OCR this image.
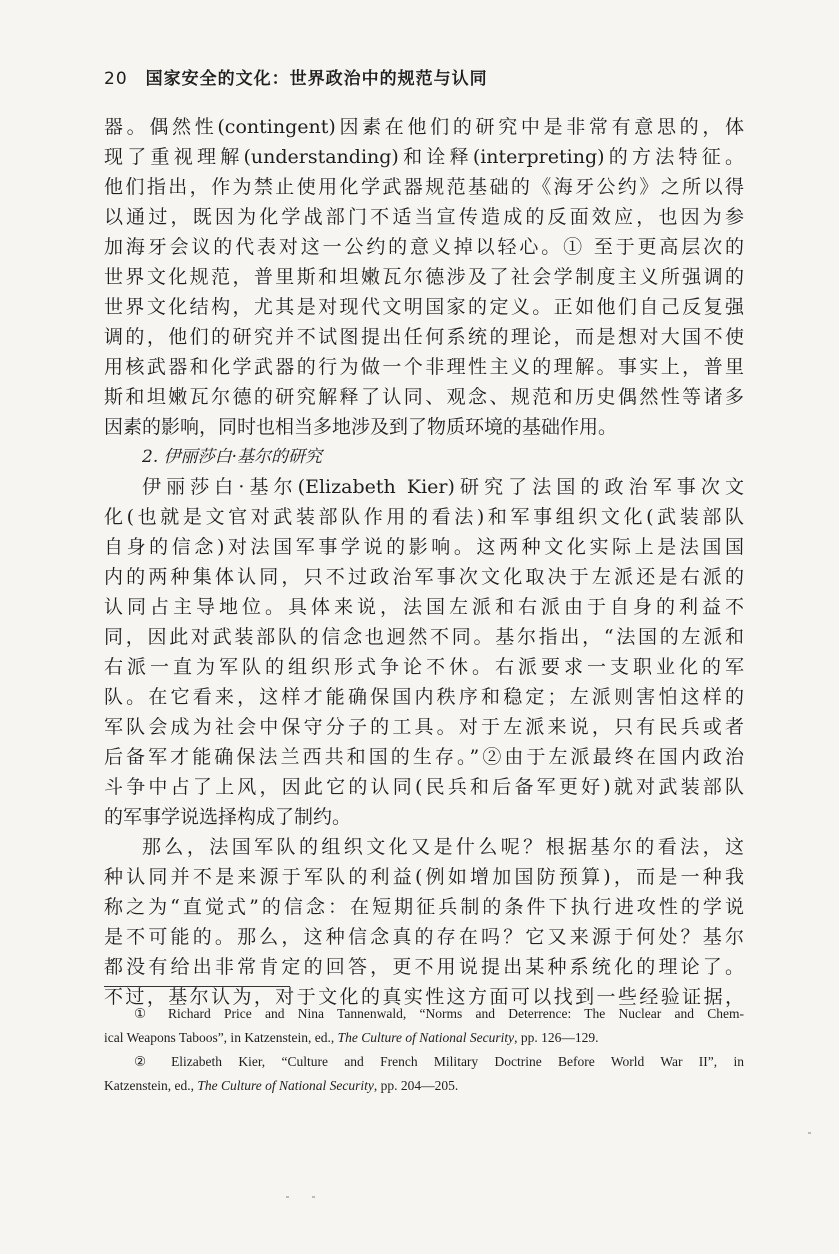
20 国家安全的文化：世界政治中的规范与认同
器。偶然性(contingent)因素在他们的研究中是非常有意思的，体
现了重视理解(understanding)和诠释(interpreting)的方法特征。
他们指出，作为禁止使用化学武器规范基础的《海牙公约》之所以得
以通过，既因为化学战部门不适当宣传造成的反面效应，也因为参
加海牙会议的代表对这一公约的意义掉以轻心。① 至于更高层次的
世界文化规范，普里斯和坦嫩瓦尔德涉及了社会学制度主义所强调的
世界文化结构，尤其是对现代文明国家的定义。正如他们自己反复强
调的，他们的研究并不试图提出任何系统的理论，而是想对大国不使
用核武器和化学武器的行为做一个非理性主义的理解。事实上，普里
斯和坦嫩瓦尔德的研究解释了认同、观念、规范和历史偶然性等诸多
因素的影响，同时也相当多地涉及到了物质环境的基础作用。
2. 伊丽莎白·基尔的研究
伊丽莎白·基尔(Elizabeth Kier)研究了法国的政治军事次文
化(也就是文官对武装部队作用的看法)和军事组织文化(武装部队
自身的信念)对法国军事学说的影响。这两种文化实际上是法国国
内的两种集体认同，只不过政治军事次文化取决于左派还是右派的
认同占主导地位。具体来说，法国左派和右派由于自身的利益不
同，因此对武装部队的信念也迥然不同。基尔指出，“法国的左派和
右派一直为军队的组织形式争论不休。右派要求一支职业化的军
队。在它看来，这样才能确保国内秩序和稳定；左派则害怕这样的
军队会成为社会中保守分子的工具。对于左派来说，只有民兵或者
后备军才能确保法兰西共和国的生存。”②由于左派最终在国内政治
斗争中占了上风，因此它的认同(民兵和后备军更好)就对武装部队
的军事学说选择构成了制约。
那么，法国军队的组织文化又是什么呢？根据基尔的看法，这
种认同并不是来源于军队的利益(例如增加国防预算)，而是一种我
称之为“直觉式”的信念：在短期征兵制的条件下执行进攻性的学说
是不可能的。那么，这种信念真的存在吗？它又来源于何处？基尔
都没有给出非常肯定的回答，更不用说提出某种系统化的理论了。
不过，基尔认为，对于文化的真实性这方面可以找到一些经验证据，
① Richard Price and Nina Tannenwald, “Norms and Deterrence: The Nuclear and Chem-
ical Weapons Taboos”, in Katzenstein, ed., The Culture of National Security, pp. 126—129.
② Elizabeth Kier, “Culture and French Military Doctrine Before World War II”, in
Katzenstein, ed., The Culture of National Security, pp. 204—205.
